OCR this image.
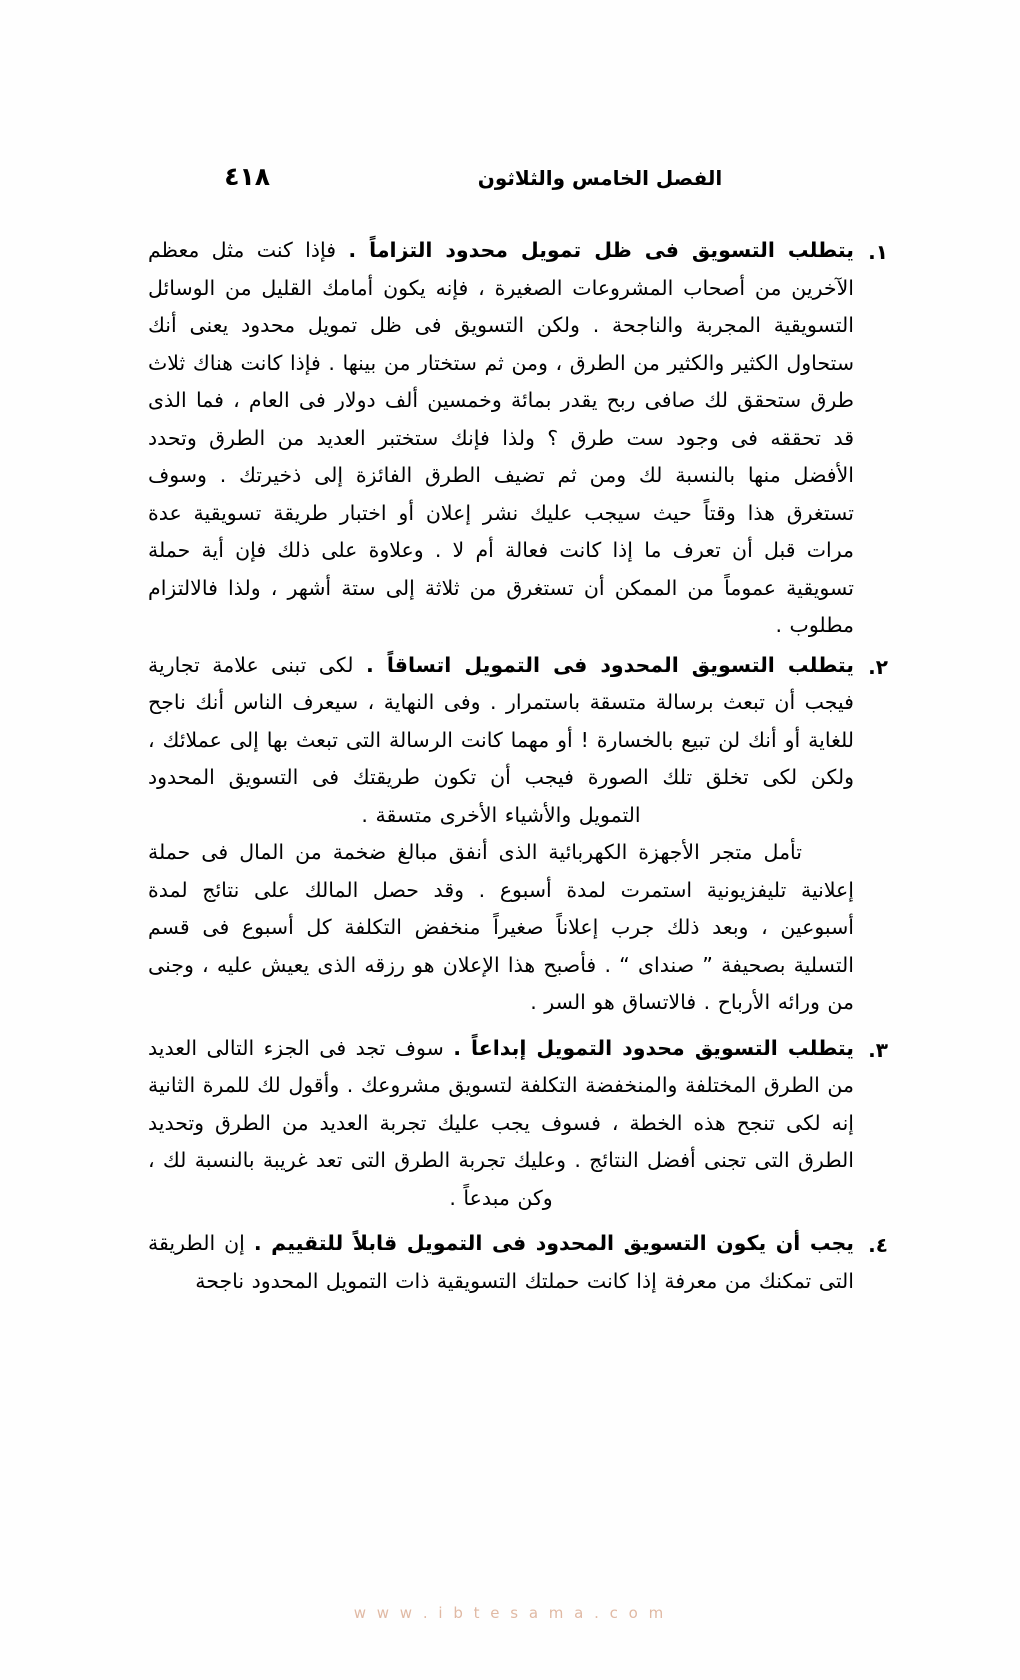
٤١٨	الفصل الخامس والثلاثون
١.

يتطلب التسويق فى ظل تمويل محدود التزاماً . فإذا كنت مثل معظم الآخرين من أصحاب المشروعات الصغيرة ، فإنه يكون أمامك القليل من الوسائل التسويقية المجربة والناجحة . ولكن التسويق فى ظل تمويل محدود يعنى أنك ستحاول الكثير والكثير من الطرق ، ومن ثم ستختار من بينها . فإذا كانت هناك ثلاث طرق ستحقق لك صافى ربح يقدر بمائة وخمسين ألف دولار فى العام ، فما الذى قد تحققه فى وجود ست طرق ؟ ولذا فإنك ستختبر العديد من الطرق وتحدد الأفضل منها بالنسبة لك ومن ثم تضيف الطرق الفائزة إلى ذخيرتك . وسوف تستغرق هذا وقتاً حيث سيجب عليك نشر إعلان أو اختبار طريقة تسويقية عدة مرات قبل أن تعرف ما إذا كانت فعالة أم لا . وعلاوة على ذلك فإن أية حملة تسويقية عموماً من الممكن أن تستغرق من ثلاثة إلى ستة أشهر ، ولذا فالالتزام مطلوب .

٢.

يتطلب التسويق المحدود فى التمويل اتساقاً . لكى تبنى علامة تجارية فيجب أن تبعث برسالة متسقة باستمرار . وفى النهاية ، سيعرف الناس أنك ناجح للغاية أو أنك لن تبيع بالخسارة ! أو مهما كانت الرسالة التى تبعث بها إلى عملائك ، ولكن لكى تخلق تلك الصورة فيجب أن تكون طريقتك فى التسويق المحدود التمويل والأشياء الأخرى متسقة .

تأمل متجر الأجهزة الكهربائية الذى أنفق مبالغ ضخمة من المال فى حملة إعلانية تليفزيونية استمرت لمدة أسبوع . وقد حصل المالك على نتائج لمدة أسبوعين ، وبعد ذلك جرب إعلاناً صغيراً منخفض التكلفة كل أسبوع فى قسم التسلية بصحيفة ” صنداى “ . فأصبح هذا الإعلان هو رزقه الذى يعيش عليه ، وجنى من ورائه الأرباح . فالاتساق هو السر .

٣.

يتطلب التسويق محدود التمويل إبداعاً . سوف تجد فى الجزء التالى العديد من الطرق المختلفة والمنخفضة التكلفة لتسويق مشروعك . وأقول لك للمرة الثانية إنه لكى تنجح هذه الخطة ، فسوف يجب عليك تجربة العديد من الطرق وتحديد الطرق التى تجنى أفضل النتائج . وعليك تجربة الطرق التى تعد غريبة بالنسبة لك ، وكن مبدعاً .

٤.

يجب أن يكون التسويق المحدود فى التمويل قابلاً للتقييم . إن الطريقة التى تمكنك من معرفة إذا كانت حملتك التسويقية ذات التمويل المحدود ناجحة

w w w . i b t e s a m a . c o m
